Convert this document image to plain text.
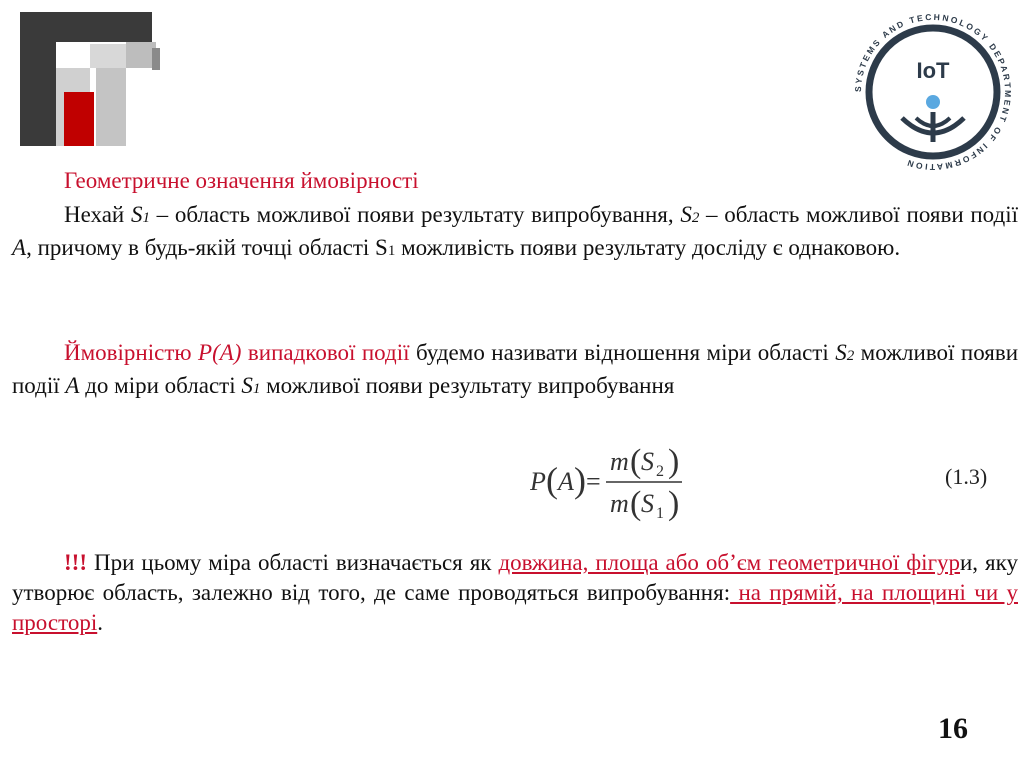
SYSTEMS AND TECHNOLOGY DEPARTMENT OF INFORMATION
IoT
Геометричне означення ймовірності
Нехай S1 – область можливої появи результату випробування, S2 – область можливої появи події A, причому в будь-якій точці області S1 можливість появи результату досліду є однаковою.
Ймовірністю P(A) випадкової події будемо називати відношення міри області S2 можливої появи події A до міри області S1 можливої появи результату випробування
P ( A ) =
m ( S 2 )
m ( S 1 )
(1.3)
!!! При цьому міра області визначається як довжина, площа або об’єм геометричної фігури, яку утворює область, залежно від того, де саме проводяться випробування: на прямій, на площині чи у просторі.
16
